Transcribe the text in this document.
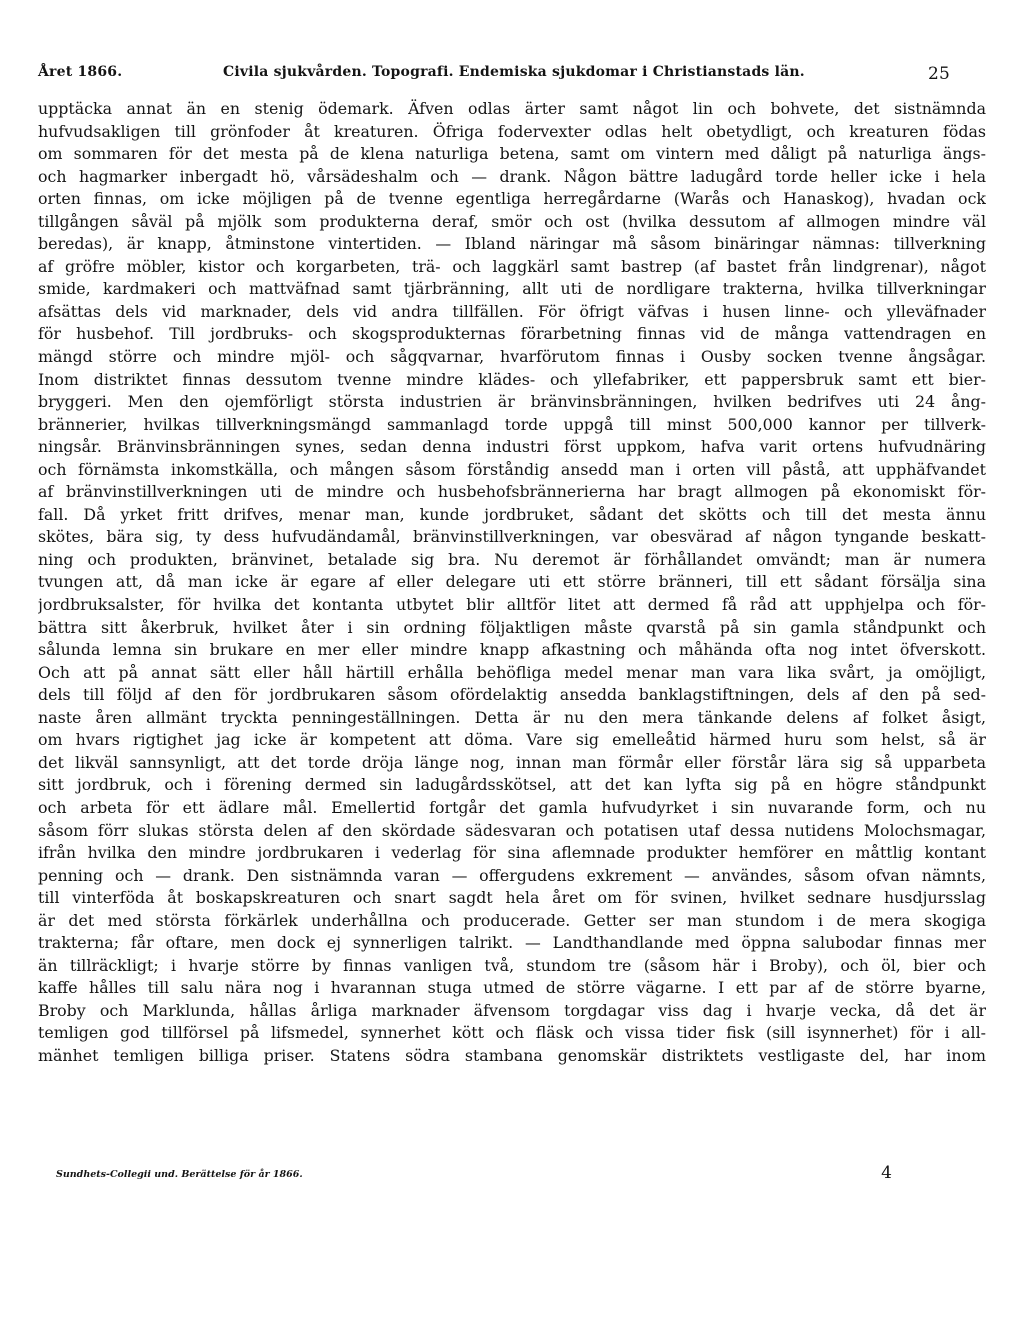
Året 1866.	Civila sjukvården. Topografi. Endemiska sjukdomar i Christianstads län.	25
upptäcka annat än en stenig ödemark. Äfven odlas ärter samt något lin och bohvete, det sistnämnda
hufvudsakligen till grönfoder åt kreaturen. Öfriga fodervexter odlas helt obetydligt, och kreaturen födas
om sommaren för det mesta på de klena naturliga betena, samt om vintern med dåligt på naturliga ängs-
och hagmarker inbergadt hö, vårsädeshalm och — drank. Någon bättre ladugård torde heller icke i hela
orten finnas, om icke möjligen på de tvenne egentliga herregårdarne (Warås och Hanaskog), hvadan ock
tillgången såväl på mjölk som produkterna deraf, smör och ost (hvilka dessutom af allmogen mindre väl
beredas), är knapp, åtminstone vintertiden. — Ibland näringar må såsom binäringar nämnas: tillverkning
af gröfre möbler, kistor och korgarbeten, trä- och laggkärl samt bastrep (af bastet från lindgrenar), något
smide, kardmakeri och mattväfnad samt tjärbränning, allt uti de nordligare trakterna, hvilka tillverkningar
afsättas dels vid marknader, dels vid andra tillfällen. För öfrigt väfvas i husen linne- och ylleväfnader
för husbehof. Till jordbruks- och skogsprodukternas förarbetning finnas vid de många vattendragen en
mängd större och mindre mjöl- och sågqvarnar, hvarförutom finnas i Ousby socken tvenne ångsågar.
Inom distriktet finnas dessutom tvenne mindre klädes- och yllefabriker, ett pappersbruk samt ett bier-
bryggeri. Men den ojemförligt största industrien är bränvinsbränningen, hvilken bedrifves uti 24 ång-
brännerier, hvilkas tillverkningsmängd sammanlagd torde uppgå till minst 500,000 kannor per tillverk-
ningsår. Bränvinsbränningen synes, sedan denna industri först uppkom, hafva varit ortens hufvudnäring
och förnämsta inkomstkälla, och mången såsom förståndig ansedd man i orten vill påstå, att upphäfvandet
af bränvinstillverkningen uti de mindre och husbehofsbrännerierna har bragt allmogen på ekonomiskt för-
fall. Då yrket fritt drifves, menar man, kunde jordbruket, sådant det skötts och till det mesta ännu
skötes, bära sig, ty dess hufvudändamål, bränvinstillverkningen, var obesvärad af någon tyngande beskatt-
ning och produkten, bränvinet, betalade sig bra. Nu deremot är förhållandet omvändt; man är numera
tvungen att, då man icke är egare af eller delegare uti ett större bränneri, till ett sådant försälja sina
jordbruksalster, för hvilka det kontanta utbytet blir alltför litet att dermed få råd att upphjelpa och för-
bättra sitt åkerbruk, hvilket åter i sin ordning följaktligen måste qvarstå på sin gamla ståndpunkt och
sålunda lemna sin brukare en mer eller mindre knapp afkastning och måhända ofta nog intet öfverskott.
Och att på annat sätt eller håll härtill erhålla behöfliga medel menar man vara lika svårt, ja omöjligt,
dels till följd af den för jordbrukaren såsom ofördelaktig ansedda banklagstiftningen, dels af den på sed-
naste åren allmänt tryckta penningeställningen. Detta är nu den mera tänkande delens af folket åsigt,
om hvars rigtighet jag icke är kompetent att döma. Vare sig emelleåtid härmed huru som helst, så är
det likväl sannsynligt, att det torde dröja länge nog, innan man förmår eller förstår lära sig så upparbeta
sitt jordbruk, och i förening dermed sin ladugårdsskötsel, att det kan lyfta sig på en högre ståndpunkt
och arbeta för ett ädlare mål. Emellertid fortgår det gamla hufvudyrket i sin nuvarande form, och nu
såsom förr slukas största delen af den skördade sädesvaran och potatisen utaf dessa nutidens Molochsmagar,
ifrån hvilka den mindre jordbrukaren i vederlag för sina aflemnade produkter hemförer en måttlig kontant
penning och — drank. Den sistnämnda varan — offergudens exkrement — användes, såsom ofvan nämnts,
till vinterföda åt boskapskreaturen och snart sagdt hela året om för svinen, hvilket sednare husdjursslag
är det med största förkärlek underhållna och producerade. Getter ser man stundom i de mera skogiga
trakterna; får oftare, men dock ej synnerligen talrikt. — Landthandlande med öppna salubodar finnas mer
än tillräckligt; i hvarje större by finnas vanligen två, stundom tre (såsom här i Broby), och öl, bier och
kaffe hålles till salu nära nog i hvarannan stuga utmed de större vägarne. I ett par af de större byarne,
Broby och Marklunda, hållas årliga marknader äfvensom torgdagar viss dag i hvarje vecka, då det är
temligen god tillförsel på lifsmedel, synnerhet kött och fläsk och vissa tider fisk (sill isynnerhet) för i all-
mänhet temligen billiga priser. Statens södra stambana genomskär distriktets vestligaste del, har inom
Sundhets-Collegii und. Berättelse för år 1866.	4
